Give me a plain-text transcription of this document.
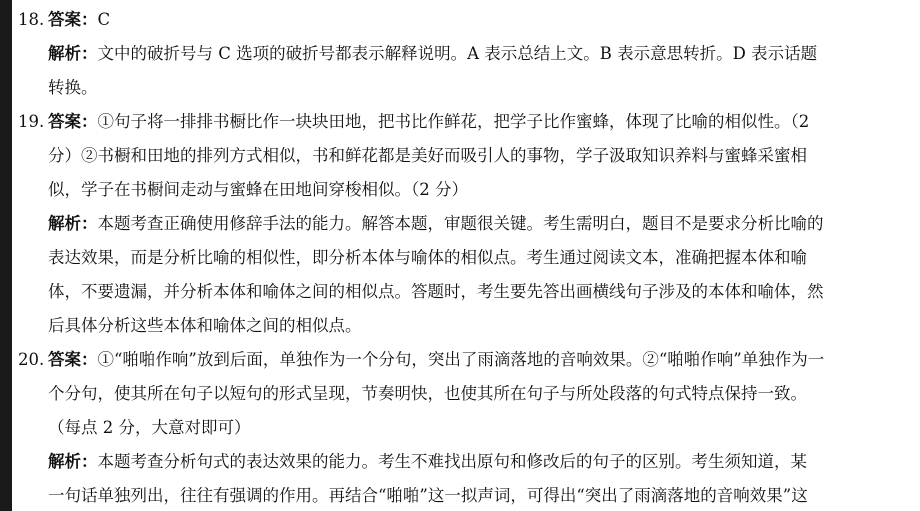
18. 答案：C
解析：文中的破折号与 C 选项的破折号都表示解释说明。A 表示总结上文。B 表示意思转折。D 表示话题
转换。
19. 答案：①句子将一排排书橱比作一块块田地，把书比作鲜花，把学子比作蜜蜂，体现了比喻的相似性。（2
分）②书橱和田地的排列方式相似，书和鲜花都是美好而吸引人的事物，学子汲取知识养料与蜜蜂采蜜相
似，学子在书橱间走动与蜜蜂在田地间穿梭相似。（2 分）
解析：本题考查正确使用修辞手法的能力。解答本题，审题很关键。考生需明白，题目不是要求分析比喻的
表达效果，而是分析比喻的相似性，即分析本体与喻体的相似点。考生通过阅读文本，准确把握本体和喻
体，不要遗漏，并分析本体和喻体之间的相似点。答题时，考生要先答出画横线句子涉及的本体和喻体，然
后具体分析这些本体和喻体之间的相似点。
20. 答案：①“啪啪作响”放到后面，单独作为一个分句，突出了雨滴落地的音响效果。②“啪啪作响”单独作为一
个分句，使其所在句子以短句的形式呈现，节奏明快，也使其所在句子与所处段落的句式特点保持一致。
（每点 2 分，大意对即可）
解析：本题考查分析句式的表达效果的能力。考生不难找出原句和修改后的句子的区别。考生须知道，某
一句话单独列出，往往有强调的作用。再结合“啪啪”这一拟声词，可得出“突出了雨滴落地的音响效果”这
